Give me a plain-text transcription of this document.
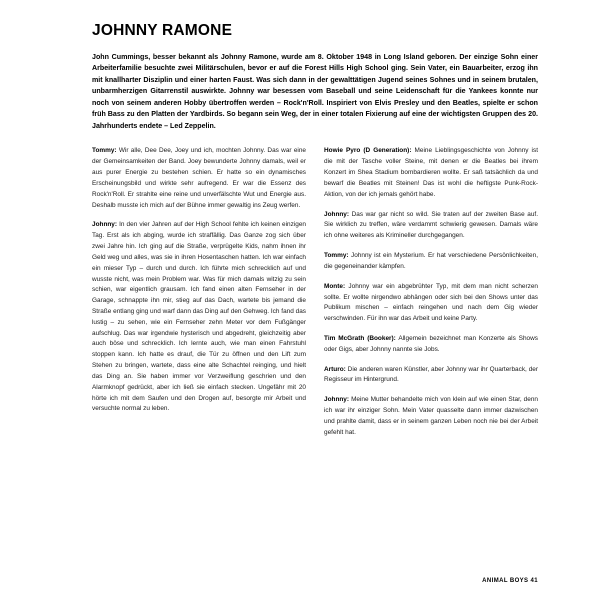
JOHNNY RAMONE

John Cummings, besser bekannt als Johnny Ramone, wurde am 8. Oktober 1948 in Long Island geboren. Der einzige Sohn einer Arbeiterfamilie besuchte zwei Militärschulen, bevor er auf die Forest Hills High School ging. Sein Vater, ein Bauarbeiter, erzog ihn mit knallharter Disziplin und einer harten Faust. Was sich dann in der gewalttätigen Jugend seines Sohnes und in seinem brutalen, unbarmherzigen Gitarrenstil auswirkte. Johnny war besessen vom Baseball und seine Leidenschaft für die Yankees konnte nur noch von seinem anderen Hobby übertroffen werden – Rock'n'Roll. Inspiriert von Elvis Presley und den Beatles, spielte er schon früh Bass zu den Platten der Yardbirds. So begann sein Weg, der in einer totalen Fixierung auf eine der wichtigsten Gruppen des 20. Jahrhunderts endete – Led Zeppelin.

Tommy: Wir alle, Dee Dee, Joey und ich, mochten Johnny. Das war eine der Gemeinsamkeiten der Band. Joey bewunderte Johnny damals, weil er aus purer Energie zu bestehen schien. Er hatte so ein dynamisches Erscheinungsbild und wirkte sehr aufregend. Er war die Essenz des Rock'n'Roll. Er strahlte eine reine und unverfälschte Wut und Energie aus. Deshalb musste ich mich auf der Bühne immer gewaltig ins Zeug werfen.

Johnny: In den vier Jahren auf der High School fehlte ich keinen einzigen Tag. Erst als ich abging, wurde ich straffällig. Das Ganze zog sich über zwei Jahre hin. Ich ging auf die Straße, verprügelte Kids, nahm ihnen ihr Geld weg und alles, was sie in ihren Hosentaschen hatten. Ich war einfach ein mieser Typ – durch und durch. Ich führte mich schrecklich auf und wusste nicht, was mein Problem war. Was für mich damals witzig zu sein schien, war eigentlich grausam. Ich fand einen alten Fernseher in der Garage, schnappte ihn mir, stieg auf das Dach, wartete bis jemand die Straße entlang ging und warf dann das Ding auf den Gehweg. Ich fand das lustig – zu sehen, wie ein Fernseher zehn Meter vor dem Fußgänger aufschlug. Das war irgendwie hysterisch und abgedreht, gleichzeitig aber auch böse und schrecklich. Ich lernte auch, wie man einen Fahrstuhl stoppen kann. Ich hatte es drauf, die Tür zu öffnen und den Lift zum Stehen zu bringen, wartete, dass eine alte Schachtel reinging, und hielt das Ding an. Sie haben immer vor Verzweiflung geschrien und den Alarmknopf gedrückt, aber ich ließ sie einfach stecken. Ungefähr mit 20 hörte ich mit dem Saufen und den Drogen auf, besorgte mir Arbeit und versuchte normal zu leben.

Howie Pyro (D Generation): Meine Lieblingsgeschichte von Johnny ist die mit der Tasche voller Steine, mit denen er die Beatles bei ihrem Konzert im Shea Stadium bombardieren wollte. Er saß tatsächlich da und bewarf die Beatles mit Steinen! Das ist wohl die heftigste Punk-Rock-Aktion, von der ich jemals gehört habe.

Johnny: Das war gar nicht so wild. Sie traten auf der zweiten Base auf. Sie wirklich zu treffen, wäre verdammt schwierig gewesen. Damals wäre ich ohne weiteres als Krimineller durchgegangen.

Tommy: Johnny ist ein Mysterium. Er hat verschiedene Persönlichkeiten, die gegeneinander kämpfen.

Monte: Johnny war ein abgebrühter Typ, mit dem man nicht scherzen sollte. Er wollte nirgendwo abhängen oder sich bei den Shows unter das Publikum mischen – einfach reingehen und nach dem Gig wieder verschwinden. Für ihn war das Arbeit und keine Party.

Tim McGrath (Booker): Allgemein bezeichnet man Konzerte als Shows oder Gigs, aber Johnny nannte sie Jobs.

Arturo: Die anderen waren Künstler, aber Johnny war ihr Quarterback, der Regisseur im Hintergrund.

Johnny: Meine Mutter behandelte mich von klein auf wie einen Star, denn ich war ihr einziger Sohn. Mein Vater quasselte dann immer dazwischen und prahlte damit, dass er in seinem ganzen Leben noch nie bei der Arbeit gefehlt hat.

ANIMAL BOYS 41
